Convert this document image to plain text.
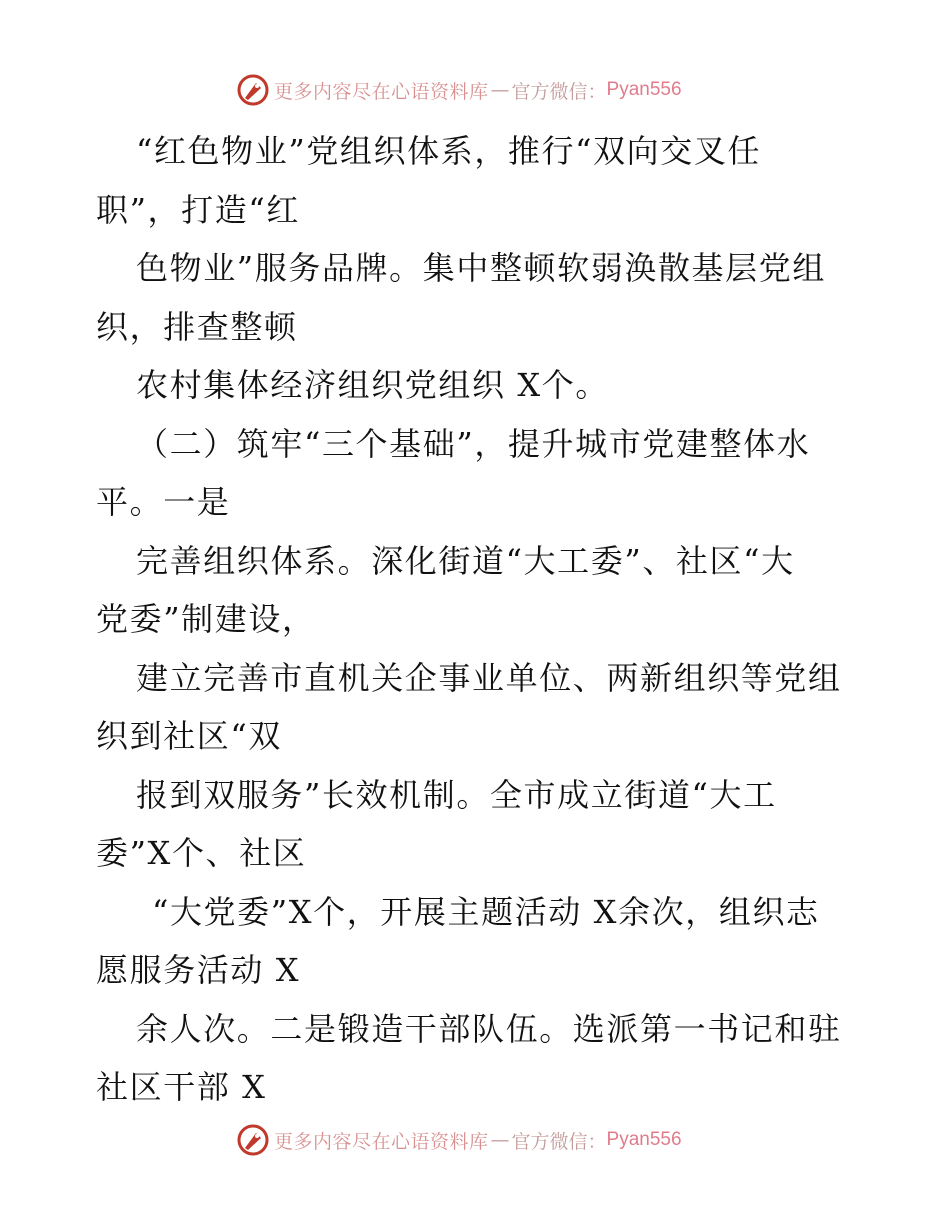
更多内容尽在心语资料库 — 官方微信： Pyan556
“红色物业”党组织体系，推行“双向交叉任
职”，打造“红
色物业”服务品牌。集中整顿软弱涣散基层党组
织，排查整顿
农村集体经济组织党组织 X个。
（二）筑牢“三个基础”，提升城市党建整体水
平。一是
完善组织体系。深化街道“大工委”、社区“大
党委”制建设，
建立完善市直机关企事业单位、两新组织等党组
织到社区“双
报到双服务”长效机制。全市成立街道“大工
委”X个、社区
“大党委”X个，开展主题活动 X余次，组织志
愿服务活动 X
余人次。二是锻造干部队伍。选派第一书记和驻
社区干部 X
更多内容尽在心语资料库 — 官方微信： Pyan556
